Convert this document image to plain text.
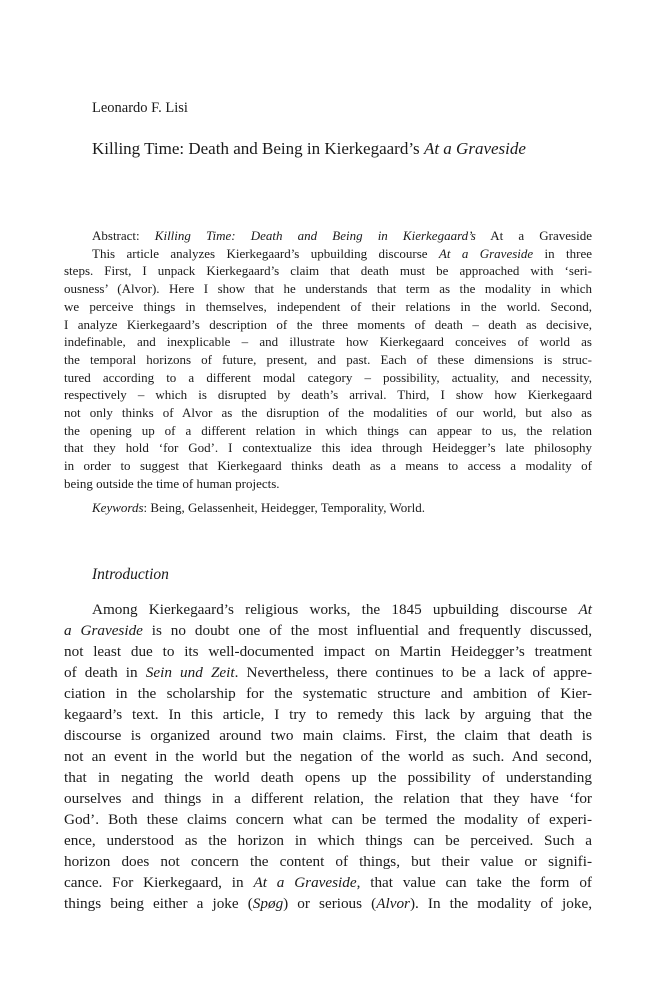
Leonardo F. Lisi
Killing Time: Death and Being in Kierkegaard’s At a Graveside
Abstract: Killing Time: Death and Being in Kierkegaard’s At a Graveside
This article analyzes Kierkegaard’s upbuilding discourse At a Graveside in three
steps. First, I unpack Kierkegaard’s claim that death must be approached with ‘seri-
ousness’ (Alvor). Here I show that he understands that term as the modality in which
we perceive things in themselves, independent of their relations in the world. Second,
I analyze Kierkegaard’s description of the three moments of death – death as decisive,
indefinable, and inexplicable – and illustrate how Kierkegaard conceives of world as
the temporal horizons of future, present, and past. Each of these dimensions is struc-
tured according to a different modal category – possibility, actuality, and necessity,
respectively – which is disrupted by death’s arrival. Third, I show how Kierkegaard
not only thinks of Alvor as the disruption of the modalities of our world, but also as
the opening up of a different relation in which things can appear to us, the relation
that they hold ‘for God’. I contextualize this idea through Heidegger’s late philosophy
in order to suggest that Kierkegaard thinks death as a means to access a modality of
being outside the time of human projects.
Keywords: Being, Gelassenheit, Heidegger, Temporality, World.
Introduction
Among Kierkegaard’s religious works, the 1845 upbuilding discourse At
a Graveside is no doubt one of the most influential and frequently discussed,
not least due to its well-documented impact on Martin Heidegger’s treatment
of death in Sein und Zeit. Nevertheless, there continues to be a lack of appre-
ciation in the scholarship for the systematic structure and ambition of Kier-
kegaard’s text. In this article, I try to remedy this lack by arguing that the
discourse is organized around two main claims. First, the claim that death is
not an event in the world but the negation of the world as such. And second,
that in negating the world death opens up the possibility of understanding
ourselves and things in a different relation, the relation that they have ‘for
God’. Both these claims concern what can be termed the modality of experi-
ence, understood as the horizon in which things can be perceived. Such a
horizon does not concern the content of things, but their value or signifi-
cance. For Kierkegaard, in At a Graveside, that value can take the form of
things being either a joke (Spøg) or serious (Alvor). In the modality of joke,
